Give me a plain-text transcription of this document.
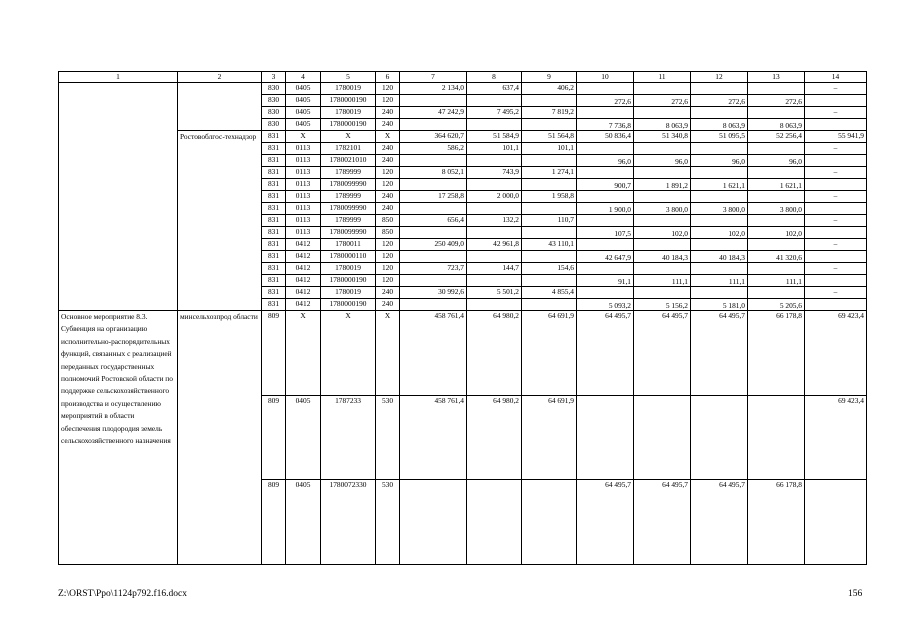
1	2	3	4	5	6	7	8	9	10	11	12	13	14
		830	0405	1780019	120	2 134,0	637,4	406,2					–
		830	0405	1780000190	120				272,6	272,6	272,6	272,6	
		830	0405	1780019	240	47 242,9	7 495,2	7 819,2					–
		830	0405	1780000190	240				7 736,8	8 063,9	8 063,9	8 063,9	
	Ростовоблгос-технадзор	831	Х	Х	Х	364 620,7	51 584,9	51 564,8	50 836,4	51 340,8	51 095,5	52 256,4	55 941,9
		831	0113	1782101	240	586,2	101,1	101,1					–
		831	0113	1780021010	240				96,0	96,0	96,0	96,0	
		831	0113	1789999	120	8 052,1	743,9	1 274,1					–
		831	0113	1780099990	120				900,7	1 891,2	1 621,1	1 621,1	
		831	0113	1789999	240	17 258,8	2 000,0	1 958,8					–
		831	0113	1780099990	240				1 900,0	3 800,0	3 800,0	3 800,0	
		831	0113	1789999	850	656,4	132,2	110,7					–
		831	0113	1780099990	850				107,5	102,0	102,0	102,0	
		831	0412	1780011	120	250 409,0	42 961,8	43 110,1					–
		831	0412	1780000110	120				42 647,9	40 184,3	40 184,3	41 320,6	
		831	0412	1780019	120	723,7	144,7	154,6					–
		831	0412	1780000190	120				91,1	111,1	111,1	111,1	
		831	0412	1780019	240	30 992,6	5 501,2	4 855,4					–
		831	0412	1780000190	240				5 093,2	5 156,2	5 181,0	5 205,6	
Основное мероприятие 8.3. Субвенция на организацию исполнительно-распорядительных функций, связанных с реализацией переданных государственных полномочий Ростовской области по поддержке сельскохозяйственного производства и осуществлению мероприятий в области обеспечения плодородия земель сельскохозяйственного назначения	минсельхозпрод области	809	Х	Х	Х	458 761,4	64 980,2	64 691,9	64 495,7	64 495,7	64 495,7	66 178,8	69 423,4
		809	0405	1787233	530	458 761,4	64 980,2	64 691,9					69 423,4
		809	0405	1780072330	530				64 495,7	64 495,7	64 495,7	66 178,8	
Z:\ORST\Ppo\1124p792.f16.docx	156
